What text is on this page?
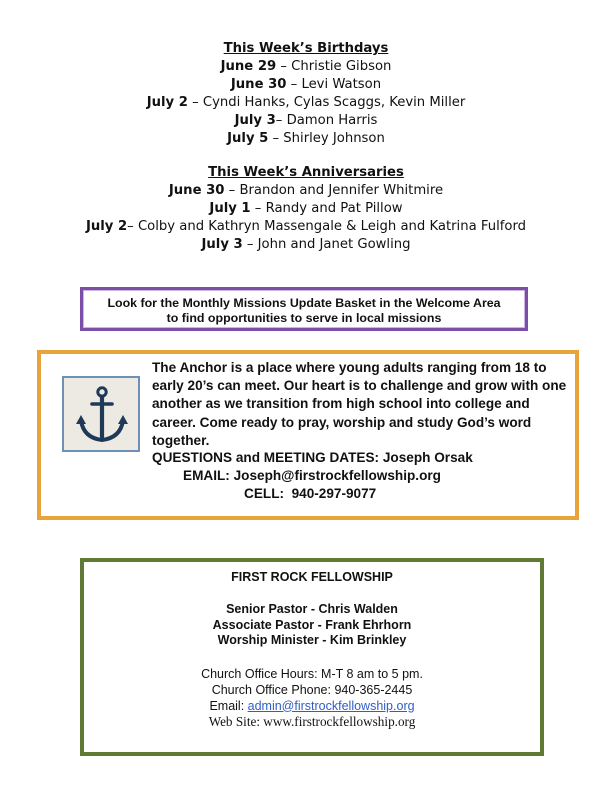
This Week’s Birthdays
June 29 – Christie Gibson
June 30 – Levi Watson
July 2 – Cyndi Hanks, Cylas Scaggs, Kevin Miller
July 3– Damon Harris
July 5 – Shirley Johnson
This Week’s Anniversaries
June 30 – Brandon and Jennifer Whitmire
July 1 – Randy and Pat Pillow
July 2– Colby and Kathryn Massengale & Leigh and Katrina Fulford
July 3 – John and Janet Gowling
Look for the Monthly Missions Update Basket in the Welcome Area
to find opportunities to serve in local missions
The Anchor is a place where young adults ranging from 18 to early 20’s can meet. Our heart is to challenge and grow with one another as we transition from high school into college and career. Come ready to pray, worship and study God’s word together.
QUESTIONS and MEETING DATES: Joseph Orsak
EMAIL: Joseph@firstrockfellowship.org
CELL:  940-297-9077
FIRST ROCK FELLOWSHIP
Senior Pastor - Chris Walden
Associate Pastor - Frank Ehrhorn
Worship Minister - Kim Brinkley
Church Office Hours: M-T 8 am to 5 pm.
Church Office Phone: 940-365-2445
Email: admin@firstrockfellowship.org
Web Site: www.firstrockfellowship.org
